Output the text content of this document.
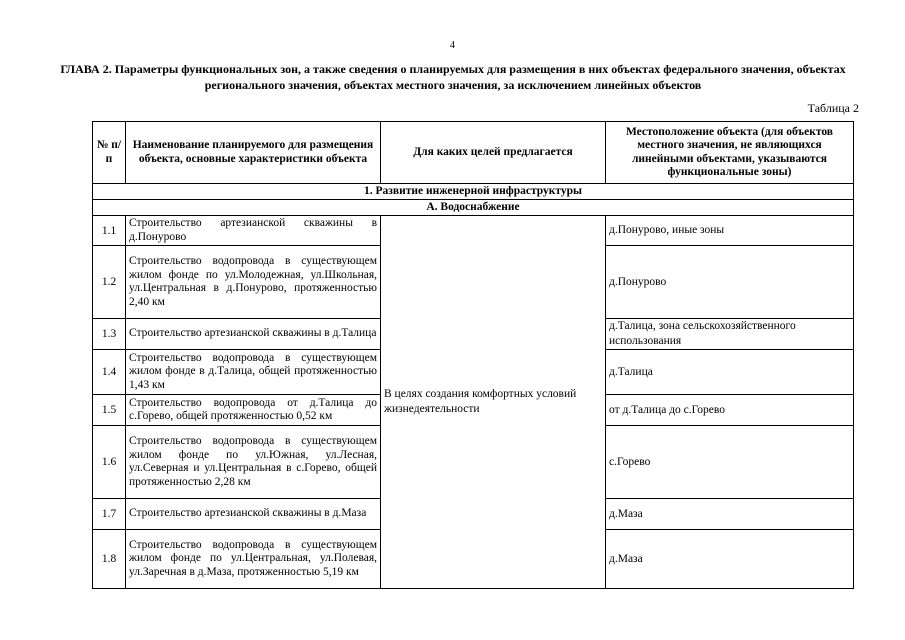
4
ГЛАВА 2. Параметры функциональных зон, а также сведения о планируемых для размещения в них объектах федерального значения, объектах регионального значения, объектах местного значения, за исключением линейных объектов
Таблица 2
№ п/п	Наименование планируемого для размещения объекта, основные характеристики объекта	Для каких целей предлагается	Местоположение объекта (для объектов местного значения, не являющихся линейными объектами, указываются функциональные зоны)
1. Развитие инженерной инфраструктуры			
А. Водоснабжение			
1.1	Строительство артезианской скважины в д.Понурово	В целях создания комфортных условий жизнедеятельности	д.Понурово, иные зоны
1.2	Строительство водопровода в существующем жилом фонде по ул.Молодежная, ул.Школьная, ул.Центральная в д.Понурово, протяженностью 2,40 км		д.Понурово
1.3	Строительство артезианской скважины в д.Талица		д.Талица, зона сельскохозяйственного использования
1.4	Строительство водопровода в существующем жилом фонде в д.Талица, общей протяженностью 1,43 км		д.Талица
1.5	Строительство водопровода от д.Талица до с.Горево, общей протяженностью 0,52 км		от д.Талица до с.Горево
1.6	Строительство водопровода в существующем жилом фонде по ул.Южная, ул.Лесная, ул.Северная и ул.Центральная в с.Горево, общей протяженностью 2,28 км		с.Горево
1.7	Строительство артезианской скважины в д.Маза		д.Маза
1.8	Строительство водопровода в существующем жилом фонде по ул.Центральная, ул.Полевая, ул.Заречная в д.Маза, протяженностью 5,19 км		д.Маза
